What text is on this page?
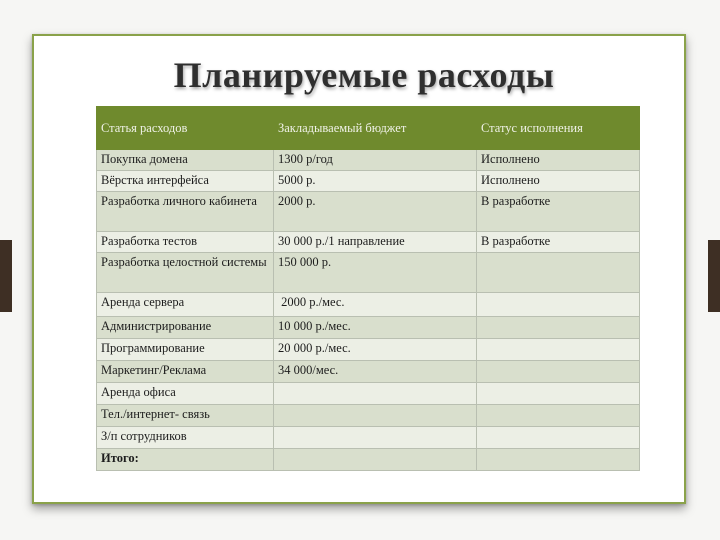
Планируемые расходы
Статья расходов	Закладываемый бюджет	Статус исполнения
Покупка домена	1300 р/год	Исполнено
Вёрстка интерфейса	5000 р.	Исполнено
Разработка личного кабинета	2000 р.	В разработке
Разработка тестов	30 000 р./1 направление	В разработке
Разработка целостной системы	150 000 р.	
Аренда сервера	2000 р./мес.	
Администрирование	10 000 р./мес.	
Программирование	20 000 р./мес.	
Маркетинг/Реклама	34 000/мес.	
Аренда офиса		
Тел./интернет- связь		
З/п сотрудников		
Итого:		
